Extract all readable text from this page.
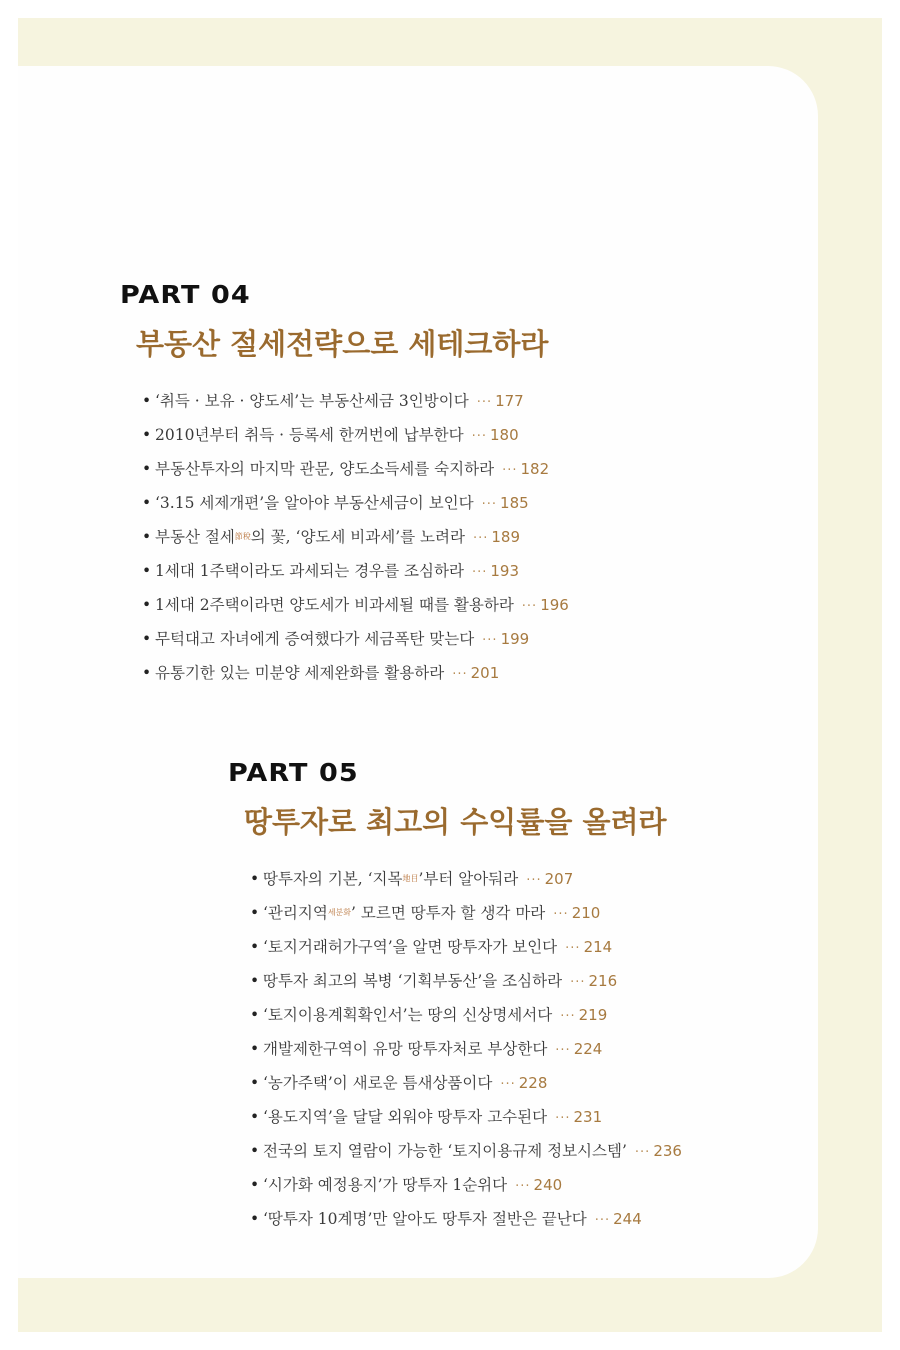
PART 04
부동산 절세전략으로 세테크하라
• ‘취득 · 보유 · 양도세’는 부동산세금 3인방이다 ··· 177
• 2010년부터 취득 · 등록세 한꺼번에 납부한다 ··· 180
• 부동산투자의 마지막 관문, 양도소득세를 숙지하라 ··· 182
• ‘3.15 세제개편’을 알아야 부동산세금이 보인다 ··· 185
• 부동산 절세節稅의 꽃, ‘양도세 비과세’를 노려라 ··· 189
• 1세대 1주택이라도 과세되는 경우를 조심하라 ··· 193
• 1세대 2주택이라면 양도세가 비과세될 때를 활용하라 ··· 196
• 무턱대고 자녀에게 증여했다가 세금폭탄 맞는다 ··· 199
• 유통기한 있는 미분양 세제완화를 활용하라 ··· 201
PART 05
땅투자로 최고의 수익률을 올려라
• 땅투자의 기본, ‘지목地目’부터 알아둬라 ··· 207
• ‘관리지역세분화’ 모르면 땅투자 할 생각 마라 ··· 210
• ‘토지거래허가구역’을 알면 땅투자가 보인다 ··· 214
• 땅투자 최고의 복병 ‘기획부동산’을 조심하라 ··· 216
• ‘토지이용계획확인서’는 땅의 신상명세서다 ··· 219
• 개발제한구역이 유망 땅투자처로 부상한다 ··· 224
• ‘농가주택’이 새로운 틈새상품이다 ··· 228
• ‘용도지역’을 달달 외워야 땅투자 고수된다 ··· 231
• 전국의 토지 열람이 가능한 ‘토지이용규제 정보시스템’ ··· 236
• ‘시가화 예정용지’가 땅투자 1순위다 ··· 240
• ‘땅투자 10계명’만 알아도 땅투자 절반은 끝난다 ··· 244
